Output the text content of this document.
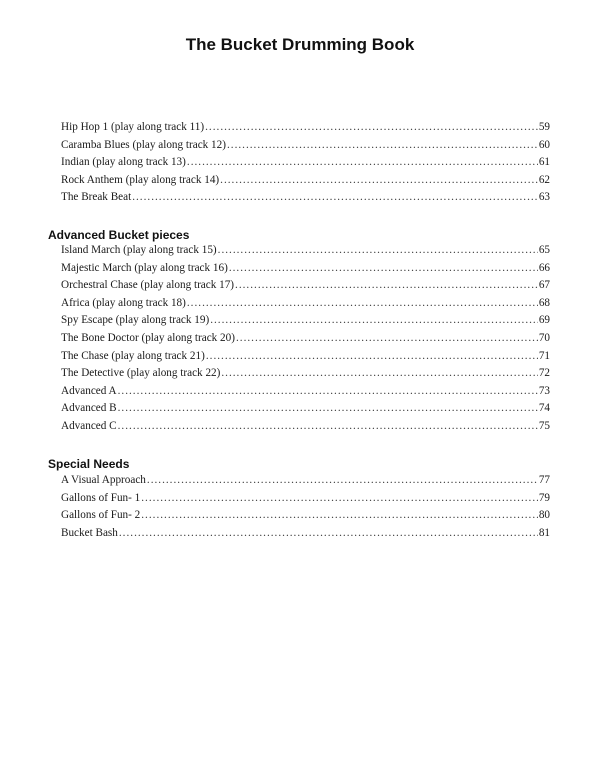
The Bucket Drumming Book
Hip Hop 1 (play along track 11) .....	59
Caramba Blues (play along track 12) .....	60
Indian (play along track 13) .....	61
Rock Anthem (play along track 14) .....	62
The Break Beat .....	63
Advanced Bucket pieces
Island March (play along track 15) .....	65
Majestic March (play along track 16) .....	66
Orchestral Chase (play along track 17) .....	67
Africa (play along track 18) .....	68
Spy Escape (play along track 19) .....	69
The Bone Doctor (play along track 20) .....	70
The Chase (play along track 21) .....	71
The Detective (play along track 22) .....	72
Advanced A .....	73
Advanced B .....	74
Advanced C .....	75
Special Needs
A Visual Approach .....	77
Gallons of Fun- 1 .....	79
Gallons of Fun- 2 .....	80
Bucket Bash .....	81
